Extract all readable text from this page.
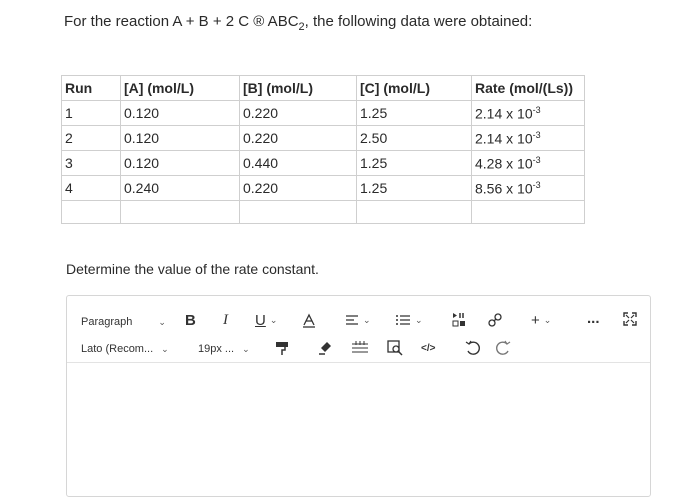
For the reaction A + B + 2 C ® $ABC_2$, the following data were obtained:
Run	[A] (mol/L)	[B] (mol/L)	[C] (mol/L)	Rate (mol/(Ls))
1	0.120	0.220	1.25	2.14 x $10^{-3}$
2	0.120	0.220	2.50	2.14 x $10^{-3}$
3	0.120	0.440	1.25	4.28 x $10^{-3}$
4	0.240	0.220	1.25	8.56 x $10^{-3}$

Determine the value of the rate constant.
Paragraph	⌄ B I U ⌄	⌄	⌄	+ ⌄ ...
Lato (Recom... ⌄	19px ... ⌄	</>
